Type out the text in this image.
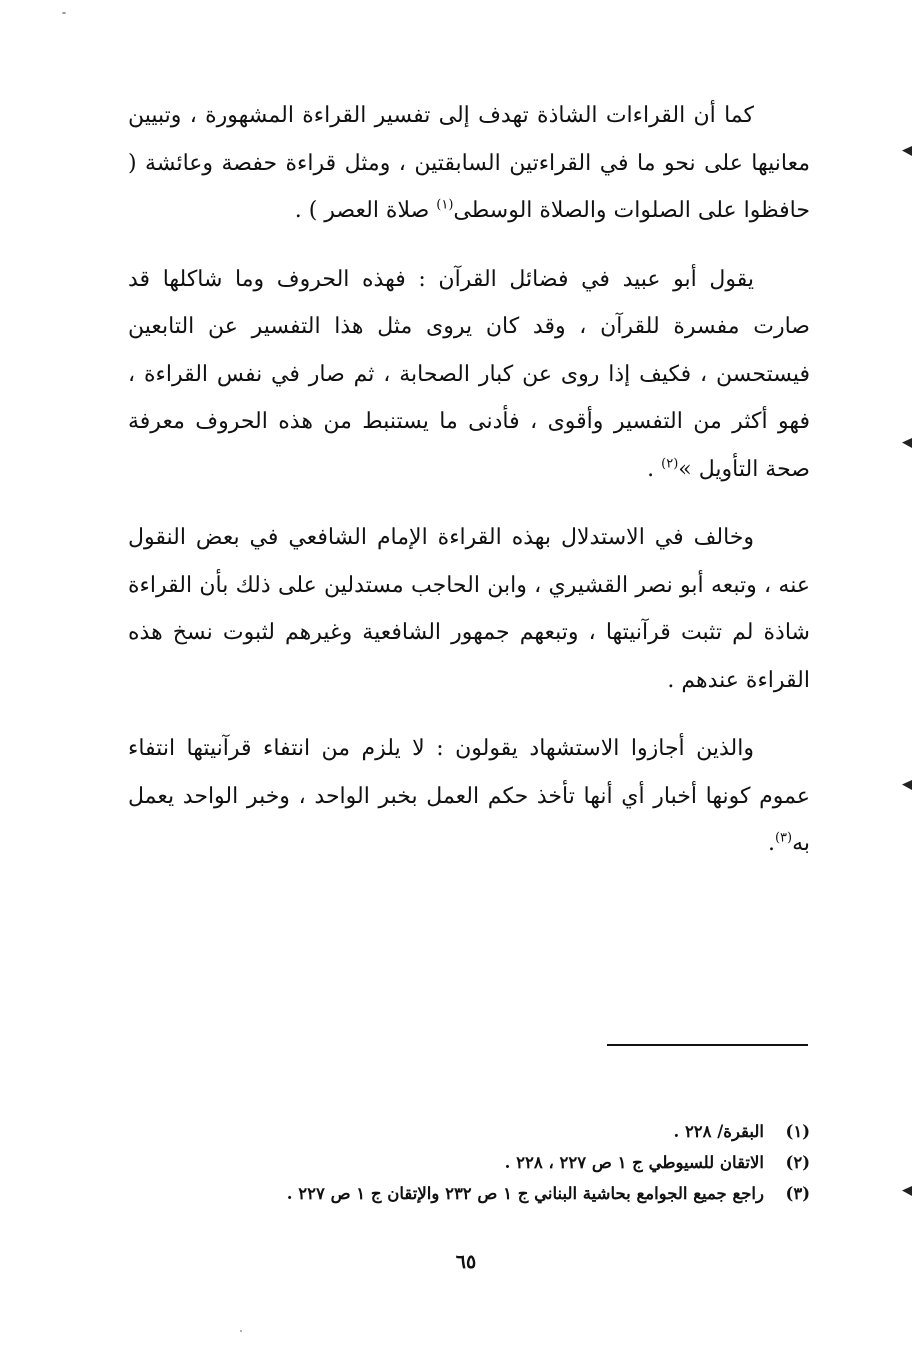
كما أن القراءات الشاذة تهدف إلى تفسير القراءة المشهورة ، وتبيين معانيها على نحو ما في القراءتين السابقتين ، ومثل قراءة حفصة وعائشة ( حافظوا على الصلوات والصلاة الوسطى$^{(١)}$ صلاة العصر ) .

يقول أبو عبيد في فضائل القرآن : فهذه الحروف وما شاكلها قد صارت مفسرة للقرآن ، وقد كان يروى مثل هذا التفسير عن التابعين فيستحسن ، فكيف إذا روى عن كبار الصحابة ، ثم صار في نفس القراءة ، فهو أكثر من التفسير وأقوى ، فأدنى ما يستنبط من هذه الحروف معرفة صحة التأويل »$^{(٢)}$ .

وخالف في الاستدلال بهذه القراءة الإمام الشافعي في بعض النقول عنه ، وتبعه أبو نصر القشيري ، وابن الحاجب مستدلين على ذلك بأن القراءة شاذة لم تثبت قرآنيتها ، وتبعهم جمهور الشافعية وغيرهم لثبوت نسخ هذه القراءة عندهم .

والذين أجازوا الاستشهاد يقولون : لا يلزم من انتفاء قرآنيتها انتفاء عموم كونها أخبار أي أنها تأخذ حكم العمل بخبر الواحد ، وخبر الواحد يعمل به$^{(٣)}$.

(١)البقرة/ ٢٢٨ .
(٢)الاتقان للسيوطي ج ١ ص ٢٢٧ ، ٢٢٨ .
(٣)راجع جميع الجوامع بحاشية البناني ج ١ ص ٢٣٢ والإتقان ج ١ ص ٢٢٧ .
٦٥
